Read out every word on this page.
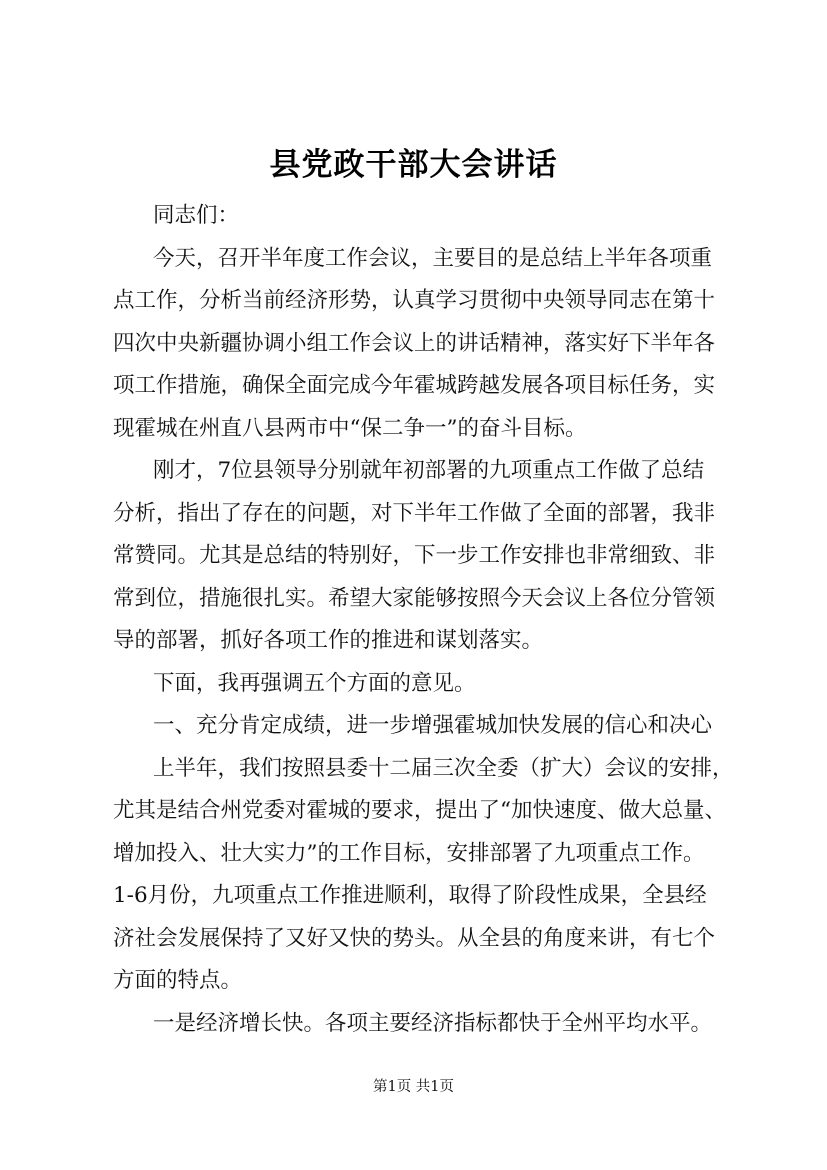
县党政干部大会讲话
同志们：
今天，召开半年度工作会议，主要目的是总结上半年各项重
点工作，分析当前经济形势，认真学习贯彻中央领导同志在第十
四次中央新疆协调小组工作会议上的讲话精神，落实好下半年各
项工作措施，确保全面完成今年霍城跨越发展各项目标任务，实
现霍城在州直八县两市中“保二争一”的奋斗目标。
刚才，7位县领导分别就年初部署的九项重点工作做了总结
分析，指出了存在的问题，对下半年工作做了全面的部署，我非
常赞同。尤其是总结的特别好，下一步工作安排也非常细致、非
常到位，措施很扎实。希望大家能够按照今天会议上各位分管领
导的部署，抓好各项工作的推进和谋划落实。
下面，我再强调五个方面的意见。
一、充分肯定成绩，进一步增强霍城加快发展的信心和决心
上半年，我们按照县委十二届三次全委（扩大）会议的安排，
尤其是结合州党委对霍城的要求，提出了“加快速度、做大总量、
增加投入、壮大实力”的工作目标，安排部署了九项重点工作。
1-6月份，九项重点工作推进顺利，取得了阶段性成果，全县经
济社会发展保持了又好又快的势头。从全县的角度来讲，有七个
方面的特点。
一是经济增长快。各项主要经济指标都快于全州平均水平。
第1页 共1页
